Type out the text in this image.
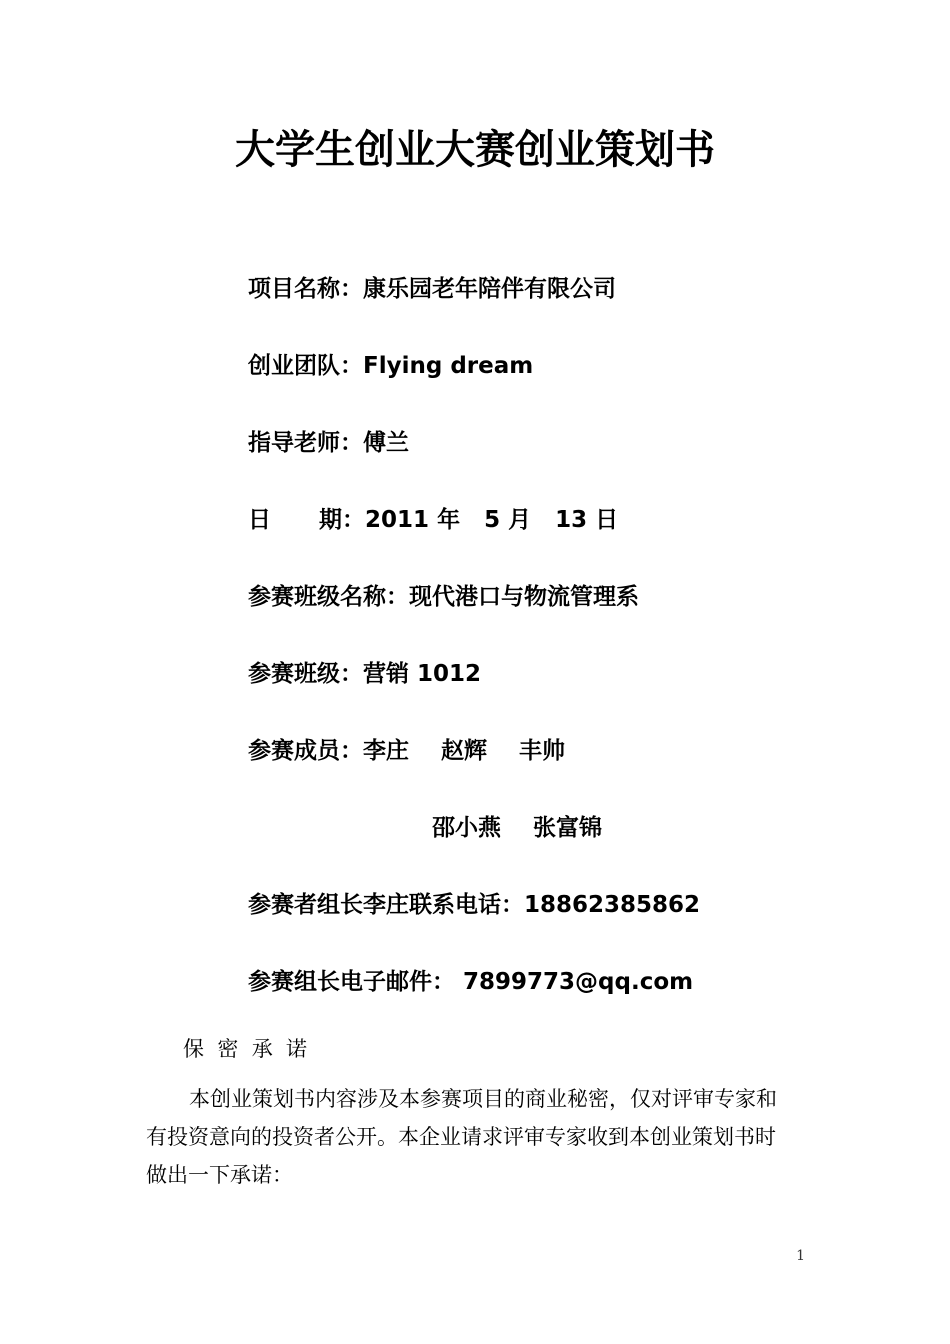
大学生创业大赛创业策划书
项目名称：康乐园老年陪伴有限公司
创业团队：Flying dream
指导老师：傅兰
日      期：2011 年   5 月   13 日
参赛班级名称：现代港口与物流管理系
参赛班级：营销 1012
参赛成员：李庄    赵辉    丰帅
邵小燕    张富锦
参赛者组长李庄联系电话：18862385862
参赛组长电子邮件： 7899773@qq.com
保  密  承  诺
本创业策划书内容涉及本参赛项目的商业秘密，仅对评审专家和
有投资意向的投资者公开。本企业请求评审专家收到本创业策划书时
做出一下承诺：
1
